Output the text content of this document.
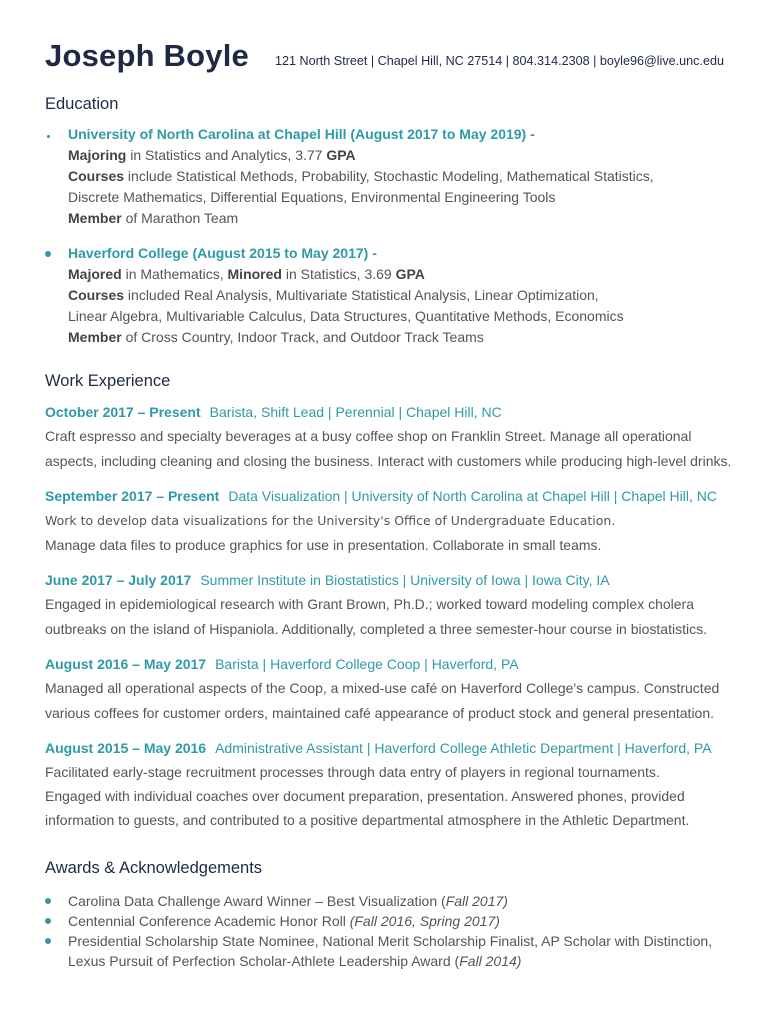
Joseph Boyle 121 North Street | Chapel Hill, NC 27514 | 804.314.2308 | boyle96@live.unc.edu
Education
University of North Carolina at Chapel Hill (August 2017 to May 2019) -
Majoring in Statistics and Analytics, 3.77 GPA
Courses include Statistical Methods, Probability, Stochastic Modeling, Mathematical Statistics,
Discrete Mathematics, Differential Equations, Environmental Engineering Tools
Member of Marathon Team
Haverford College (August 2015 to May 2017) -
Majored in Mathematics, Minored in Statistics, 3.69 GPA
Courses included Real Analysis, Multivariate Statistical Analysis, Linear Optimization,
Linear Algebra, Multivariable Calculus, Data Structures, Quantitative Methods, Economics
Member of Cross Country, Indoor Track, and Outdoor Track Teams
Work Experience
October 2017 – Present Barista, Shift Lead | Perennial | Chapel Hill, NC
Craft espresso and specialty beverages at a busy coffee shop on Franklin Street. Manage all operational
aspects, including cleaning and closing the business. Interact with customers while producing high-level drinks.
September 2017 – Present Data Visualization | University of North Carolina at Chapel Hill | Chapel Hill, NC
Work to develop data visualizations for the University's Office of Undergraduate Education.
Manage data files to produce graphics for use in presentation. Collaborate in small teams.
June 2017 – July 2017 Summer Institute in Biostatistics | University of Iowa | Iowa City, IA
Engaged in epidemiological research with Grant Brown, Ph.D.; worked toward modeling complex cholera
outbreaks on the island of Hispaniola. Additionally, completed a three semester-hour course in biostatistics.
August 2016 – May 2017 Barista | Haverford College Coop | Haverford, PA
Managed all operational aspects of the Coop, a mixed-use café on Haverford College's campus. Constructed
various coffees for customer orders, maintained café appearance of product stock and general presentation.
August 2015 – May 2016 Administrative Assistant | Haverford College Athletic Department | Haverford, PA
Facilitated early-stage recruitment processes through data entry of players in regional tournaments.
Engaged with individual coaches over document preparation, presentation. Answered phones, provided
information to guests, and contributed to a positive departmental atmosphere in the Athletic Department.
Awards & Acknowledgements
Carolina Data Challenge Award Winner – Best Visualization (Fall 2017)
Centennial Conference Academic Honor Roll (Fall 2016, Spring 2017)
Presidential Scholarship State Nominee, National Merit Scholarship Finalist, AP Scholar with Distinction,
Lexus Pursuit of Perfection Scholar-Athlete Leadership Award (Fall 2014)
